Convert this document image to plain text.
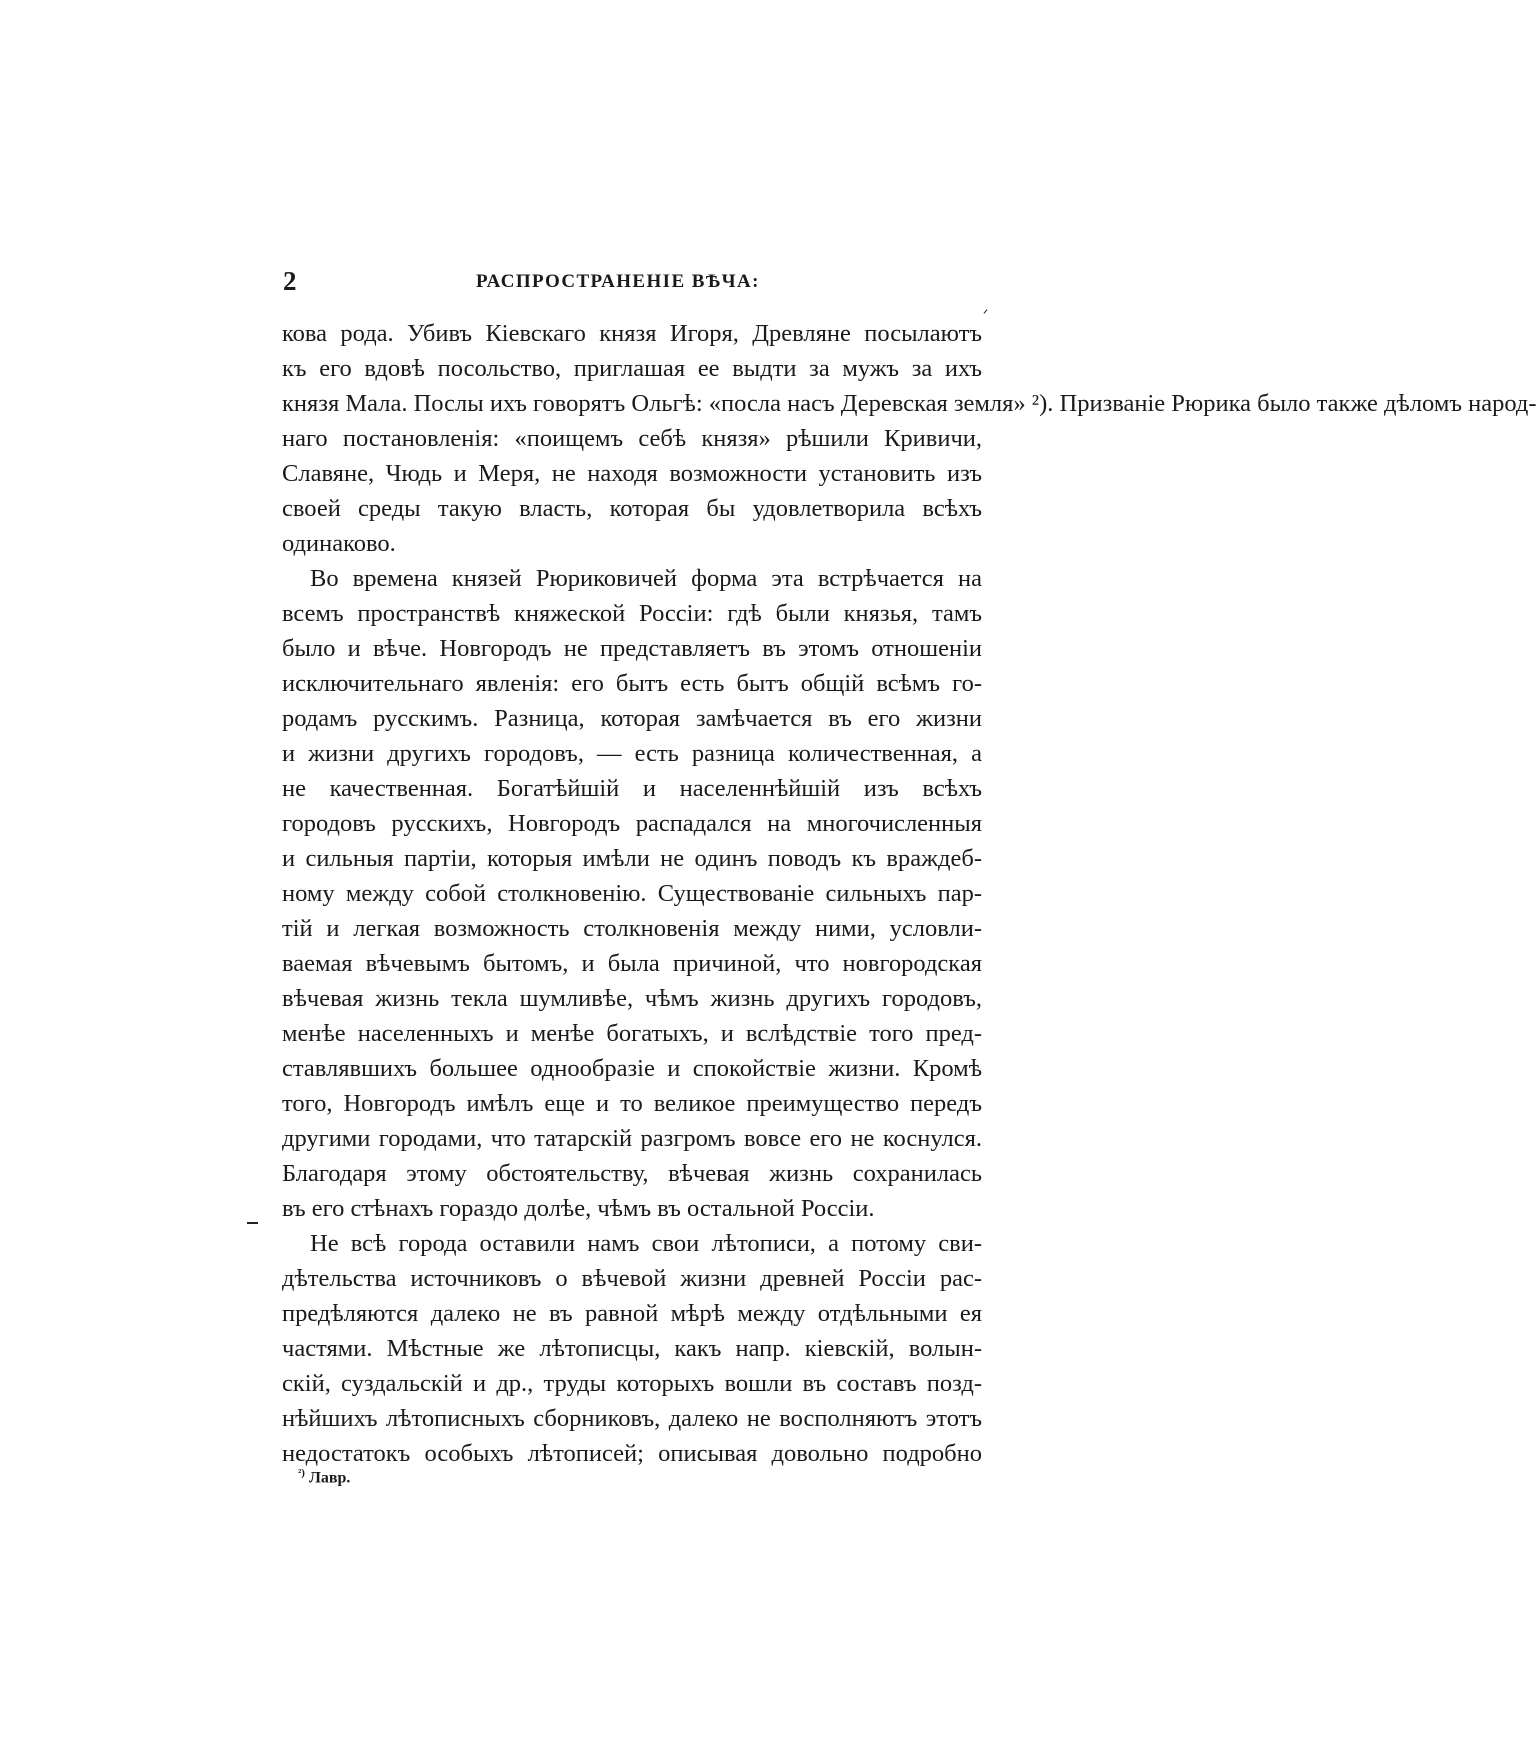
2	РАСПРОСТРАНЕНIЕ ВѢЧА:
кова рода. Убивъ Кіевскаго князя Игоря, Древляне посылаютъ
къ его вдовѣ посольство, приглашая ее выдти за мужъ за ихъ
князя Мала. Послы ихъ говорятъ Ольгѣ: «посла насъ Деревская земля» ²). Призваніе Рюрика было также дѣломъ народ-
наго постановленія: «поищемъ себѣ князя» рѣшили Кривичи,
Славяне, Чюдь и Меря, не находя возможности установить изъ
своей среды такую власть, которая бы удовлетворила всѣхъ
одинаково.
Во времена князей Рюриковичей форма эта встрѣчается на
всемъ пространствѣ княжеской Россіи: гдѣ были князья, тамъ
было и вѣче. Новгородъ не представляетъ въ этомъ отношеніи
исключительнаго явленія: его бытъ есть бытъ общій всѣмъ го-
родамъ русскимъ. Разница, которая замѣчается въ его жизни
и жизни другихъ городовъ, — есть разница количественная, а
не качественная. Богатѣйшій и населеннѣйшій изъ всѣхъ
городовъ русскихъ, Новгородъ распадался на многочисленныя
и сильныя партіи, которыя имѣли не одинъ поводъ къ враждеб-
ному между собой столкновенію. Существованіе сильныхъ пар-
тій и легкая возможность столкновенія между ними, условли-
ваемая вѣчевымъ бытомъ, и была причиной, что новгородская
вѣчевая жизнь текла шумливѣе, чѣмъ жизнь другихъ городовъ,
менѣе населенныхъ и менѣе богатыхъ, и вслѣдствіе того пред-
ставлявшихъ большее однообразіе и спокойствіе жизни. Кромѣ
того, Новгородъ имѣлъ еще и то великое преимущество передъ
другими городами, что татарскій разгромъ вовсе его не коснулся.
Благодаря этому обстоятельству, вѣчевая жизнь сохранилась
въ его стѣнахъ гораздо долѣе, чѣмъ въ остальной Россіи.
Не всѣ города оставили намъ свои лѣтописи, а потому сви-
дѣтельства источниковъ о вѣчевой жизни древней Россіи рас-
предѣляются далеко не въ равной мѣрѣ между отдѣльными ея
частями. Мѣстные же лѣтописцы, какъ напр. кіевскій, волын-
скій, суздальскій и др., труды которыхъ вошли въ составъ позд-
нѣйшихъ лѣтописныхъ сборниковъ, далеко не восполняютъ этотъ
недостатокъ особыхъ лѣтописей; описывая довольно подробно
$^{^2)}$ Лавр.
